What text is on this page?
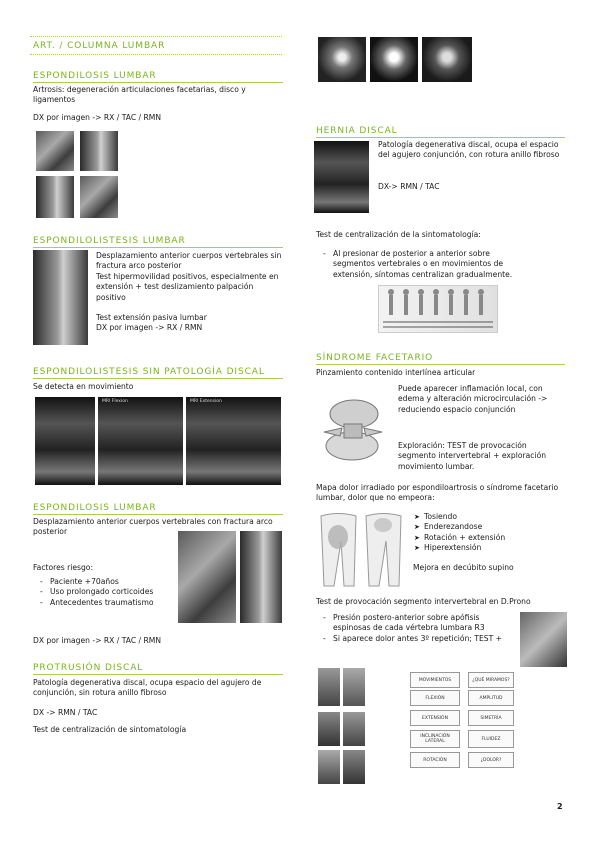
ART. / COLUMNA LUMBAR
ESPONDILOSIS LUMBAR
Artrosis: degeneración articulaciones facetarias, disco y ligamentos
DX por imagen -> RX / TAC / RMN
ESPONDILOLISTESIS LUMBAR
Desplazamiento anterior cuerpos vertebrales sin fractura arco posterior
Test hipermovilidad positivos, especialmente en extensión + test deslizamiento palpación positivo
Test extensión pasiva lumbar
DX por imagen -> RX / RMN
ESPONDILOLISTESIS SIN PATOLOGÍA DISCAL
Se detecta en movimiento
MRI Flexion	MRI Extension
ESPONDILOSIS LUMBAR
Desplazamiento anterior cuerpos vertebrales con fractura arco posterior
Factores riesgo:
- Paciente +70años
- Uso prolongado corticoides
- Antecedentes traumatismo
DX por imagen -> RX / TAC / RMN
PROTRUSIÓN DISCAL
Patología degenerativa discal, ocupa espacio del agujero de conjunción, sin rotura anillo fibroso
DX -> RMN / TAC
Test de centralización de sintomatología
HERNIA DISCAL
Patología degenerativa discal, ocupa el espacio del agujero conjunción, con rotura anillo fibroso
DX-> RMN / TAC
Test de centralización de la sintomatología:
- Al presionar de posterior a anterior sobre segmentos vertebrales o en movimientos de extensión, síntomas centralizan gradualmente.
SÍNDROME FACETARIO
Pinzamiento contenido interlínea articular
Puede aparecer inflamación local, con edema y alteración microcirculación -> reduciendo espacio conjunción
Exploración: TEST de provocación segmento intervertebral + exploración movimiento lumbar.
Mapa dolor irradiado por espondiloartrosis o síndrome facetario lumbar, dolor que no empeora:
➤ Tosiendo
➤ Enderezandose
➤ Rotación + extensión
➤ Hiperextensión
Mejora en decúbito supino
Test de provocación segmento intervertebral en D.Prono
- Presión postero-anterior sobre apófisis espinosas de cada vértebra lumbara R3
- Si aparece dolor antes 3º repetición; TEST +
MOVIMIENTOS
FLEXIÓN
EXTENSIÓN
INCLINACIÓN LATERAL
ROTACIÓN
¿QUÉ MIRAMOS?
AMPLITUD
SIMETRÍA
FLUIDEZ
¿DOLOR?
2
